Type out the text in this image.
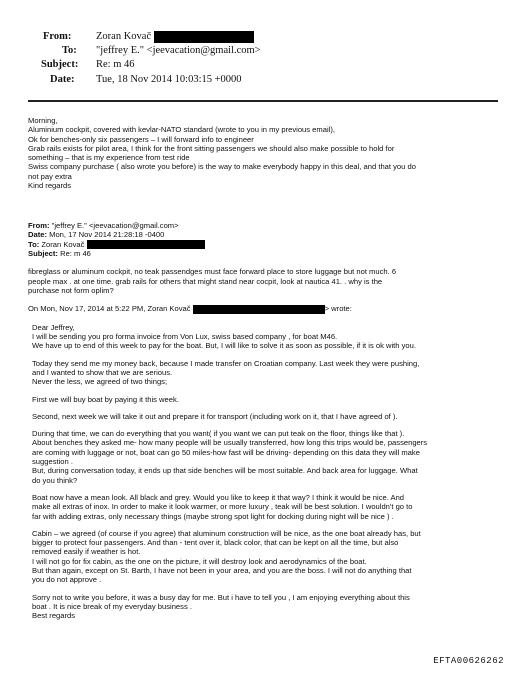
From: Zoran Kovač
To: "jeffrey E." <jeevacation@gmail.com>
Subject: Re: m 46
Date: Tue, 18 Nov 2014 10:03:15 +0000

Morning,

Aluminium cockpit, covered with kevlar-NATO standard (wrote to you in my previous email),

Ok for benches-only six passengers – I will forward info to engineer

Grab rails exists for pilot area, I think for the front sitting passengers we should also make possible to hold for

something – that is my experience from test ride

Swiss company purchase ( also wrote you before) is the way to make everybody happy in this deal, and that you do

not pay extra

Kind regards

From: "jeffrey E." <jeevacation@gmail.com>

Date: Mon, 17 Nov 2014 21:28:18 -0400

To: Zoran Kovač

Subject: Re: m 46

fibreglass or aluminum cockpit, no teak passendges must face forward place to store luggage but not much. 6

people max . at one time. grab rails for others that might stand near cocpit, look at nautica 41. . why is the

purchase not form oplim?

On Mon, Nov 17, 2014 at 5:22 PM, Zoran Kovač	> wrote:

Dear Jeffrey,

I will be sending you pro forma invoice from Von Lux, swiss based company , for boat M46.

We have up to end of this week to pay for the boat. But, I will like to solve it as soon as possible, if it is ok with you.

Today they send me my money back, because I made transfer on Croatian company. Last week they were pushing,

and I wanted to show that we are serious.

Never the less, we agreed of two things;

First we will buy boat by paying it this week.

Second, next week we will take it out and prepare it for transport (including work on it, that I have agreed of ).

During that time, we can do everything that you want( if you want we can put teak on the floor, things like that ).

About benches they asked me- how many people will be usually transferred, how long this trips would be, passengers

are coming with luggage or not, boat can go 50 miles-how fast will be driving- depending on this data they will make

suggestion .

But, during conversation today, it ends up that side benches will be most suitable. And back area for luggage. What

do you think?

Boat now have a mean look. All black and grey. Would you like to keep it that way? I think it would be nice. And

make all extras of inox. In order to make it look warmer, or more luxury , teak will be best solution. I wouldn't go to

far with adding extras, only necessary things (maybe strong spot light for docking during night will be nice ) .

Cabin – we agreed (of course if you agree) that aluminum construction will be nice, as the one boat already has, but

bigger to protect four passengers. And than - tent over it, black color, that can be kept on all the time, but also

removed easily if weather is hot.

I will not go for fix cabin, as the one on the picture, it will destroy look and aerodynamics of the boat.

But than again, except on St. Barth, I have not been in your area, and you are the boss. I will not do anything that

you do not approve .

Sorry not to write you before, it was a busy day for me. But i have to tell you , I am enjoying everything about this

boat . It is nice break of my everyday business .

Best regards

EFTA00626262
